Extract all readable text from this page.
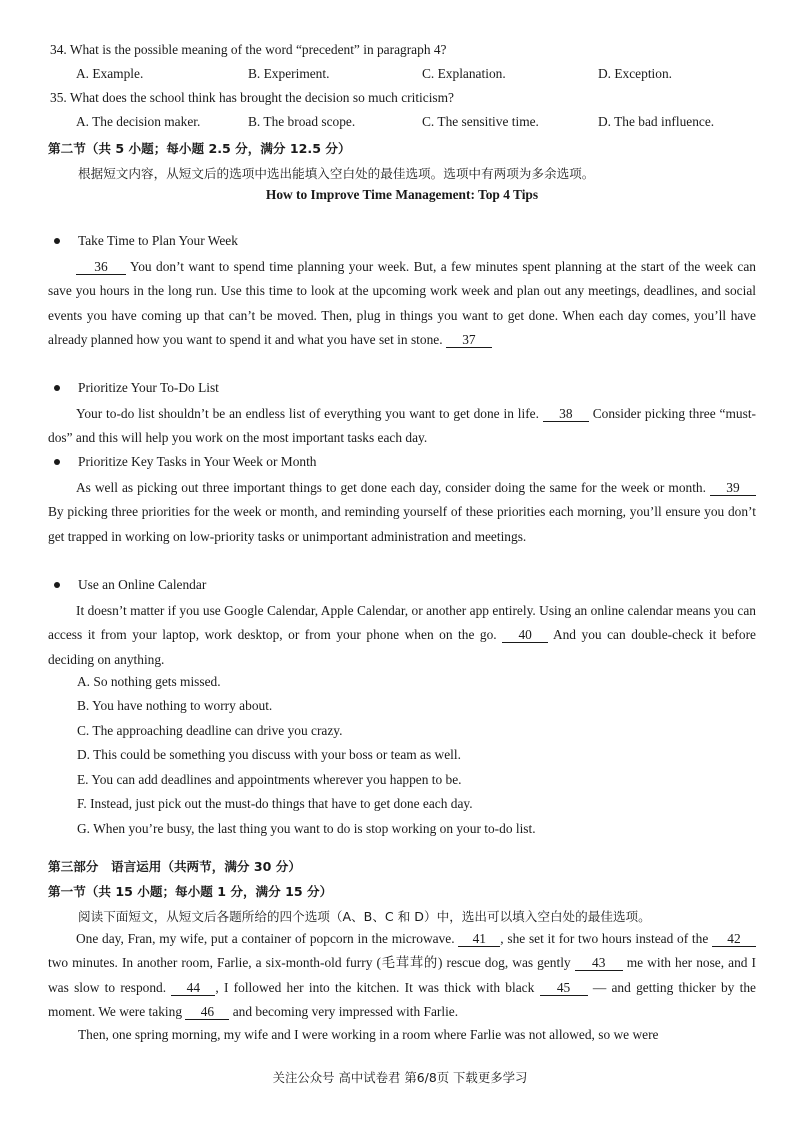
34. What is the possible meaning of the word “precedent” in paragraph 4?
A. Example.	B. Experiment.	C. Explanation.	D. Exception.
35. What does the school think has brought the decision so much criticism?
A. The decision maker.	B. The broad scope.	C. The sensitive time.	D. The bad influence.
第二节（共 5 小题；每小题 2.5 分，满分 12.5 分）
根据短文内容，从短文后的选项中选出能填入空白处的最佳选项。选项中有两项为多余选项。
How to Improve Time Management: Top 4 Tips
Take Time to Plan Your Week
36 You don’t want to spend time planning your week. But, a few minutes spent planning at the start of the week can save you hours in the long run. Use this time to look at the upcoming work week and plan out any meetings, deadlines, and social events you have coming up that can’t be moved. Then, plug in things you want to get done. When each day comes, you’ll have already planned how you want to spend it and what you have set in stone. 37
Prioritize Your To-Do List
Your to-do list shouldn’t be an endless list of everything you want to get done in life. 38 Consider picking three “must-dos” and this will help you work on the most important tasks each day.
Prioritize Key Tasks in Your Week or Month
As well as picking out three important things to get done each day, consider doing the same for the week or month. 39 By picking three priorities for the week or month, and reminding yourself of these priorities each morning, you’ll ensure you don’t get trapped in working on low-priority tasks or unimportant administration and meetings.
Use an Online Calendar
It doesn’t matter if you use Google Calendar, Apple Calendar, or another app entirely. Using an online calendar means you can access it from your laptop, work desktop, or from your phone when on the go. 40 And you can double-check it before deciding on anything.
A. So nothing gets missed.
B. You have nothing to worry about.
C. The approaching deadline can drive you crazy.
D. This could be something you discuss with your boss or team as well.
E. You can add deadlines and appointments wherever you happen to be.
F. Instead, just pick out the must-do things that have to get done each day.
G. When you’re busy, the last thing you want to do is stop working on your to-do list.
第三部分　语言运用（共两节，满分 30 分）
第一节（共 15 小题；每小题 1 分，满分 15 分）
阅读下面短文，从短文后各题所给的四个选项（A、B、C 和 D）中，选出可以填入空白处的最佳选项。
One day, Fran, my wife, put a container of popcorn in the microwave. 41 , she set it for two hours instead of the 42 two minutes. In another room, Farlie, a six-month-old furry (毛茸茸的) rescue dog, was gently 43 me with her nose, and I was slow to respond. 44 , I followed her into the kitchen. It was thick with black 45 — and getting thicker by the moment. We were taking 46 and becoming very impressed with Farlie.
Then, one spring morning, my wife and I were working in a room where Farlie was not allowed, so we were
关注公众号 高中试卷君 第6/8页 下载更多学习
